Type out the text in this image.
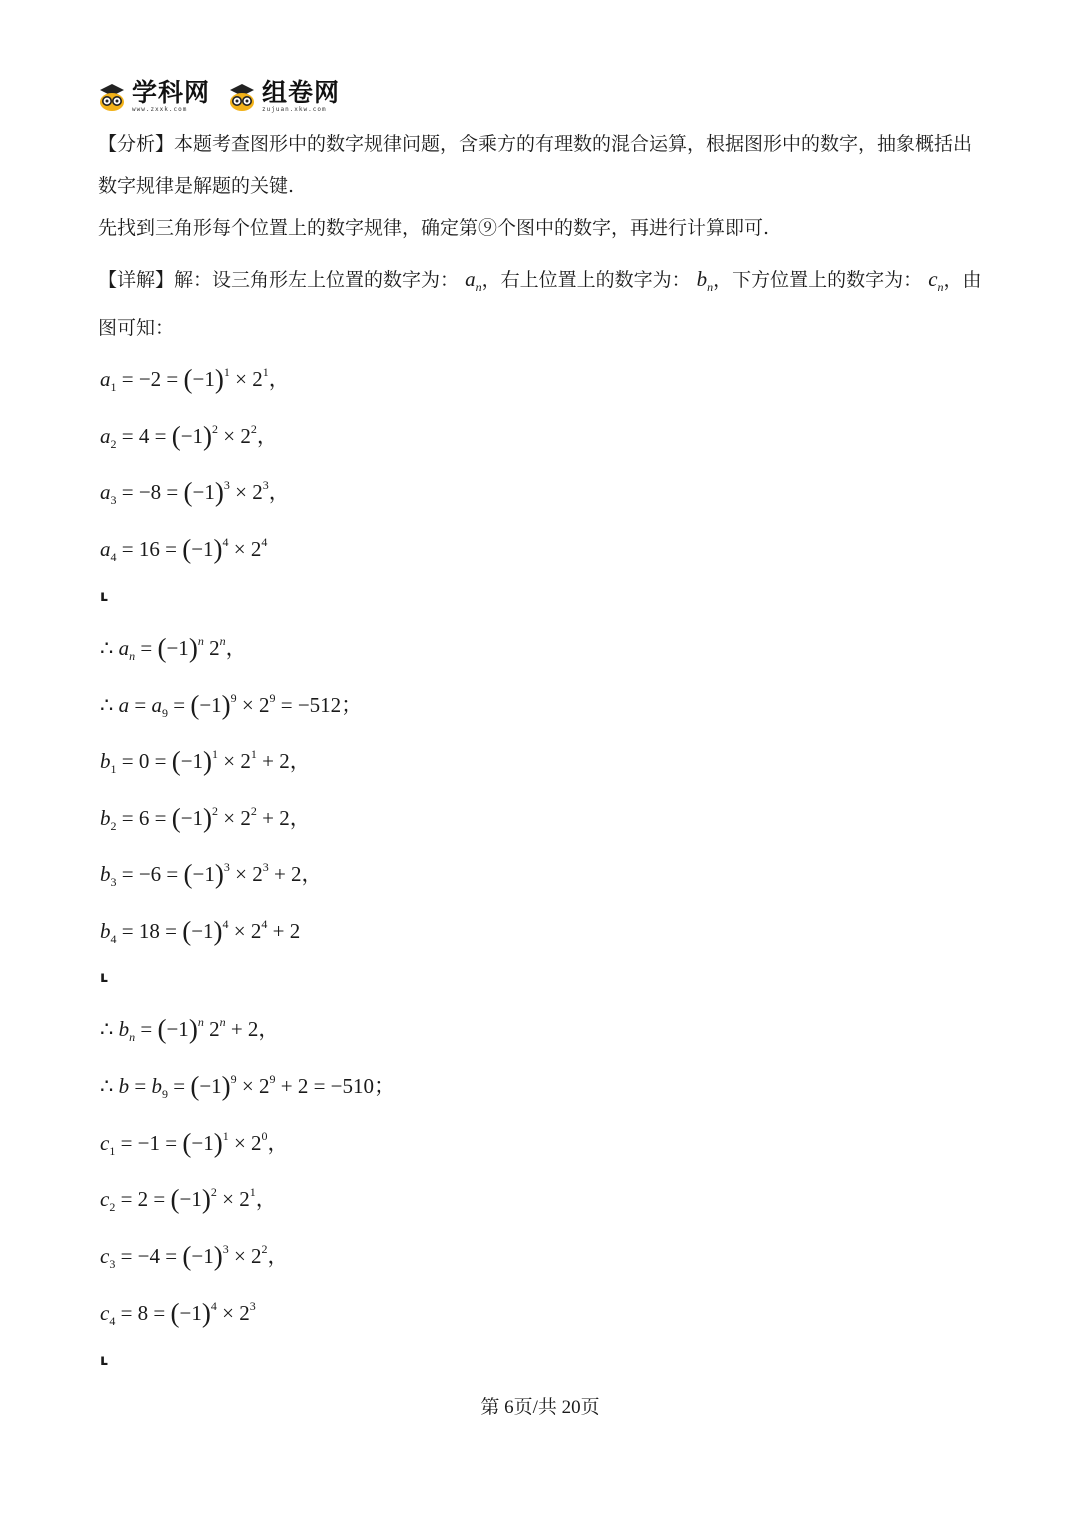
学科网
www.zxxk.com
组卷网
zujuan.xkw.com
【分析】本题考查图形中的数字规律问题，含乘方的有理数的混合运算，根据图形中的数字，抽象概括出
数字规律是解题的关键.
先找到三角形每个位置上的数字规律，确定第⑨个图中的数字，再进行计算即可.
【详解】解：设三角形左上位置的数字为： $a_n$，右上位置上的数字为： $b_n$，下方位置上的数字为： $c_n$，由
图可知：
$a_1 = -2 = (-1)^1 \times 2^1$，
$a_2 = 4 = (-1)^2 \times 2^2$，
$a_3 = -8 = (-1)^3 \times 2^3$，
$a_4 = 16 = (-1)^4 \times 2^4$
ʟ
∴ $a_n = (-1)^n$ 2$^n$，
∴ $a = a_9 = (-1)^9 \times 2^9 = -512$；
$b_1 = 0 = (-1)^1 \times 2^1 + 2$，
$b_2 = 6 = (-1)^2 \times 2^2 + 2$，
$b_3 = -6 = (-1)^3 \times 2^3 + 2$，
$b_4 = 18 = (-1)^4 \times 2^4 + 2$
ʟ
∴ $b_n = (-1)^n$ $2^n + 2$，
∴ $b = b_9 = (-1)^9 \times 2^9 + 2 = -510$；
$c_1 = -1 = (-1)^1 \times 2^0$，
$c_2 = 2 = (-1)^2 \times 2^1$，
$c_3 = -4 = (-1)^3 \times 2^2$，
$c_4 = 8 = (-1)^4 \times 2^3$
ʟ
第 6页/共 20页
